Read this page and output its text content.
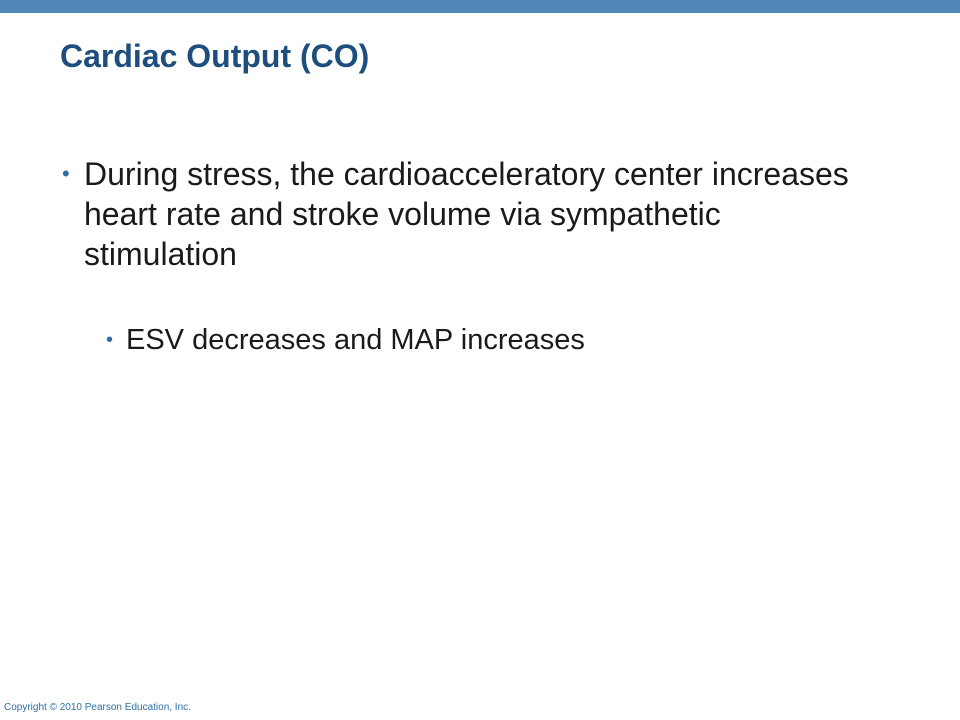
Cardiac Output (CO)
• During stress, the cardioacceleratory center increases heart rate and stroke volume via sympathetic stimulation
• ESV decreases and MAP increases
Copyright © 2010 Pearson Education, Inc.
